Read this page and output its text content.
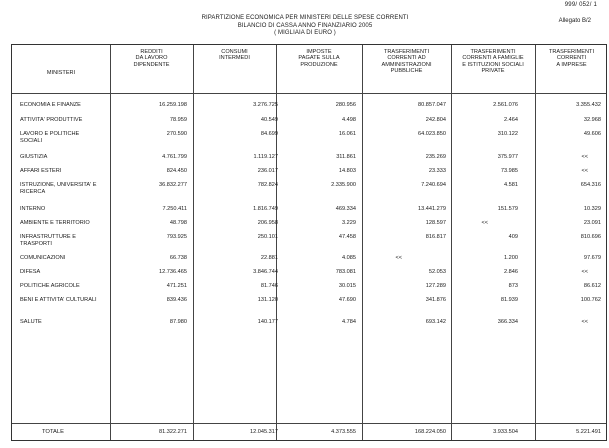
999/ 052/ 1
Allegato B/2
RIPARTIZIONE ECONOMICA PER MINISTERI DELLE SPESE CORRENTI
BILANCIO DI CASSA ANNO FINANZIARIO 2005
( MIGLIAIA DI EURO )
MINISTERI
REDDITI
DA LAVORO
DIPENDENTE
CONSUMI
INTERMEDI
IMPOSTE
PAGATE SULLA
PRODUZIONE
TRASFERIMENTI
CORRENTI AD
AMMINISTRAZIONI
PUBBLICHE
TRASFERIMENTI
CORRENTI A FAMIGLIE
E ISTITUZIONI SOCIALI
PRIVATE
TRASFERIMENTI
CORRENTI
A IMPRESE
ECONOMIA E FINANZE	16.259.198	3.276.725	280.956	80.857.047	2.561.076	3.355.432
ATTIVITA' PRODUTTIVE	78.959	40.549	4.498	242.804	2.464	32.968
LAVORO E POLITICHE
SOCIALI
270.590	84.699	16.061	64.023.850	310.122	49.606
GIUSTIZIA	4.761.799	1.119.127	311.861	235.269	375.977	<<
AFFARI ESTERI	824.450	236.017	14.803	23.333	73.985	<<
ISTRUZIONE, UNIVERSITA' E
RICERCA
36.832.277	782.824	2.335.900	7.240.694	4.581	654.316
INTERNO	7.250.411	1.816.749	469.334	13.441.279	151.579	10.329
AMBIENTE E TERRITORIO	48.798	206.958	3.229	128.597	<<	23.091
INFRASTRUTTURE E
TRASPORTI
793.925	250.101	47.458	816.817	409	810.696
COMUNICAZIONI	66.738	22.881	4.085	<<	1.200	97.679
DIFESA	12.736.465	3.846.744	783.081	52.053	2.846	<<
POLITICHE AGRICOLE	471.251	81.746	30.015	127.289	873	86.612
BENI E ATTIVITA' CULTURALI	839.436	131.120	47.690	341.876	81.939	100.762
SALUTE	87.980	140.177	4.784	693.142	366.334	<<
TOTALE	81.322.271	12.045.317	4.373.555	168.224.050	3.933.504	5.221.491
